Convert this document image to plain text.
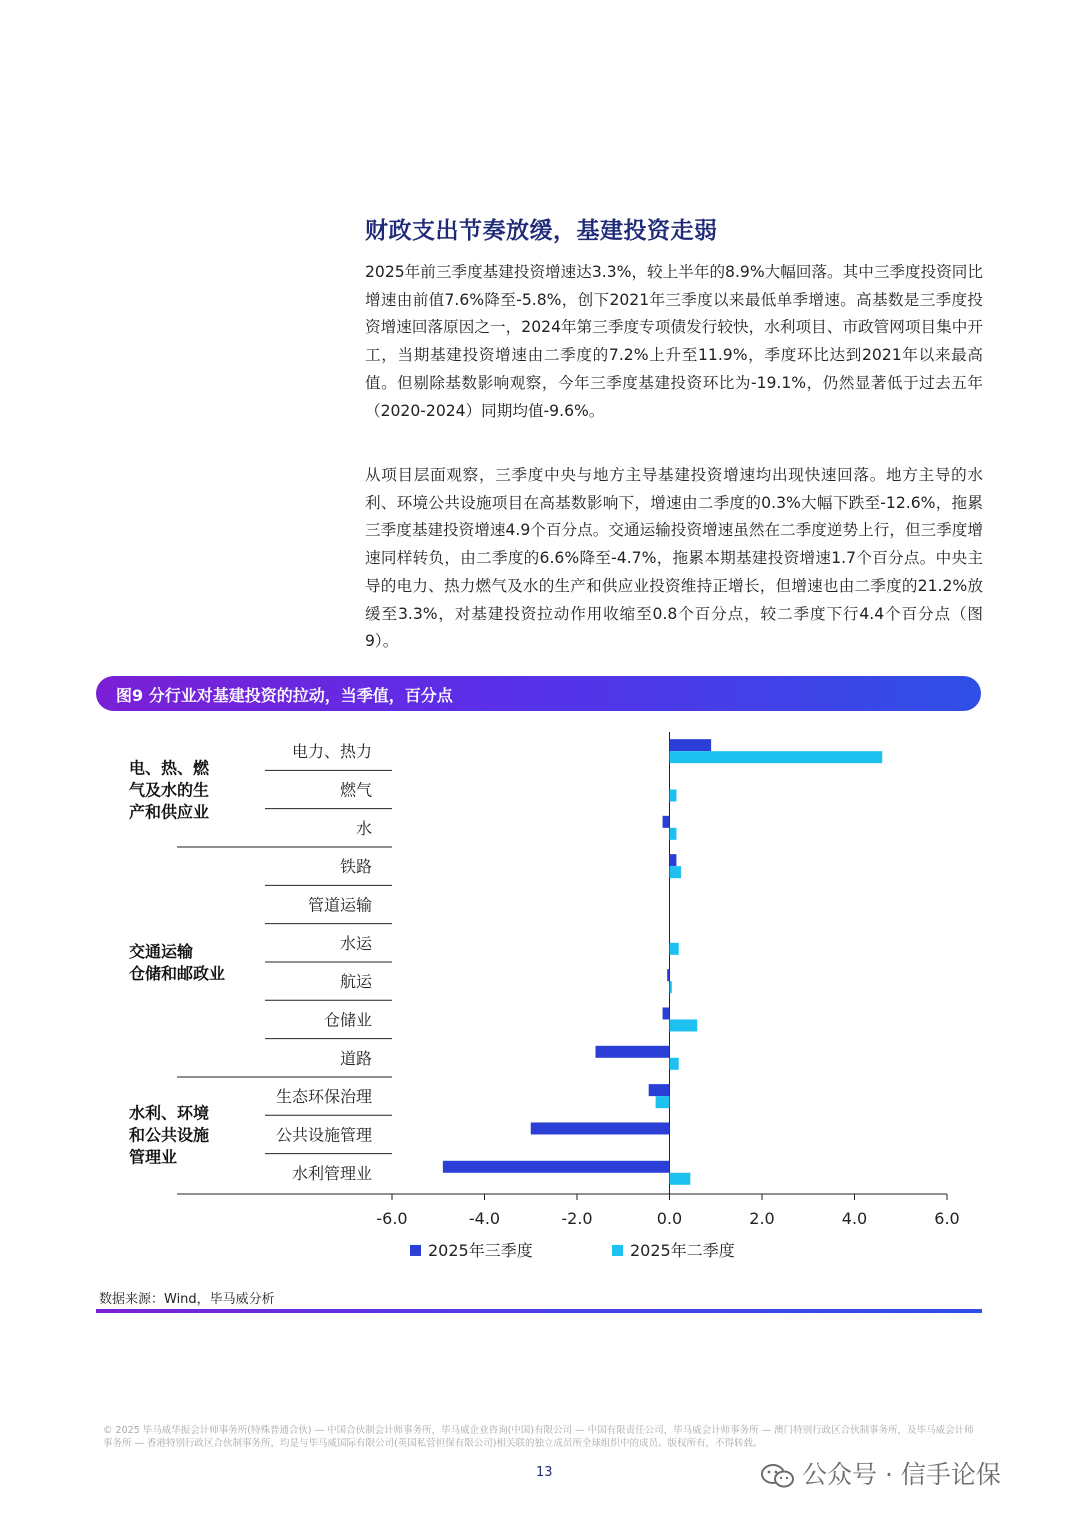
财政支出节奏放缓，基建投资走弱
2025年前三季度基建投资增速达3.3%，较上半年的8.9%大幅回落。其中三季度投资同比增速由前值7.6%降至-5.8%，创下2021年三季度以来最低单季增速。高基数是三季度投资增速回落原因之一，2024年第三季度专项债发行较快，水利项目、市政管网项目集中开工，当期基建投资增速由二季度的7.2%上升至11.9%，季度环比达到2021年以来最高值。但剔除基数影响观察，今年三季度基建投资环比为-19.1%，仍然显著低于过去五年（2020-2024）同期均值-9.6%。
从项目层面观察，三季度中央与地方主导基建投资增速均出现快速回落。地方主导的水利、环境公共设施项目在高基数影响下，增速由二季度的0.3%大幅下跌至-12.6%，拖累三季度基建投资增速4.9个百分点。交通运输投资增速虽然在二季度逆势上行，但三季度增速同样转负，由二季度的6.6%降至-4.7%，拖累本期基建投资增速1.7个百分点。中央主导的电力、热力燃气及水的生产和供应业投资维持正增长，但增速也由二季度的21.2%放缓至3.3%，对基建投资拉动作用收缩至0.8个百分点，较二季度下行4.4个百分点（图9）。
图9 分行业对基建投资的拉动，当季值，百分点
-6.0	-4.0	-2.0	0.0	2.0	4.0	6.0
电力、热力
燃气
水
铁路
管道运输
水运
航运
仓储业
道路
生态环保治理
公共设施管理
水利管理业
电、热、燃气及水的生产和供应业
交通运输仓储和邮政业
水利、环境和公共设施管理业
2025年三季度	2025年二季度
数据来源：Wind，毕马威分析
© 2025 毕马威华振会计师事务所(特殊普通合伙) — 中国合伙制会计师事务所，毕马威企业咨询(中国)有限公司 — 中国有限责任公司，毕马威会计师事务所 — 澳门特别行政区合伙制事务所，及毕马威会计师事务所 — 香港特别行政区合伙制事务所，均是与毕马威国际有限公司(英国私营担保有限公司)相关联的独立成员所全球组织中的成员。版权所有，不得转载。
13	公众号 · 信手论保
